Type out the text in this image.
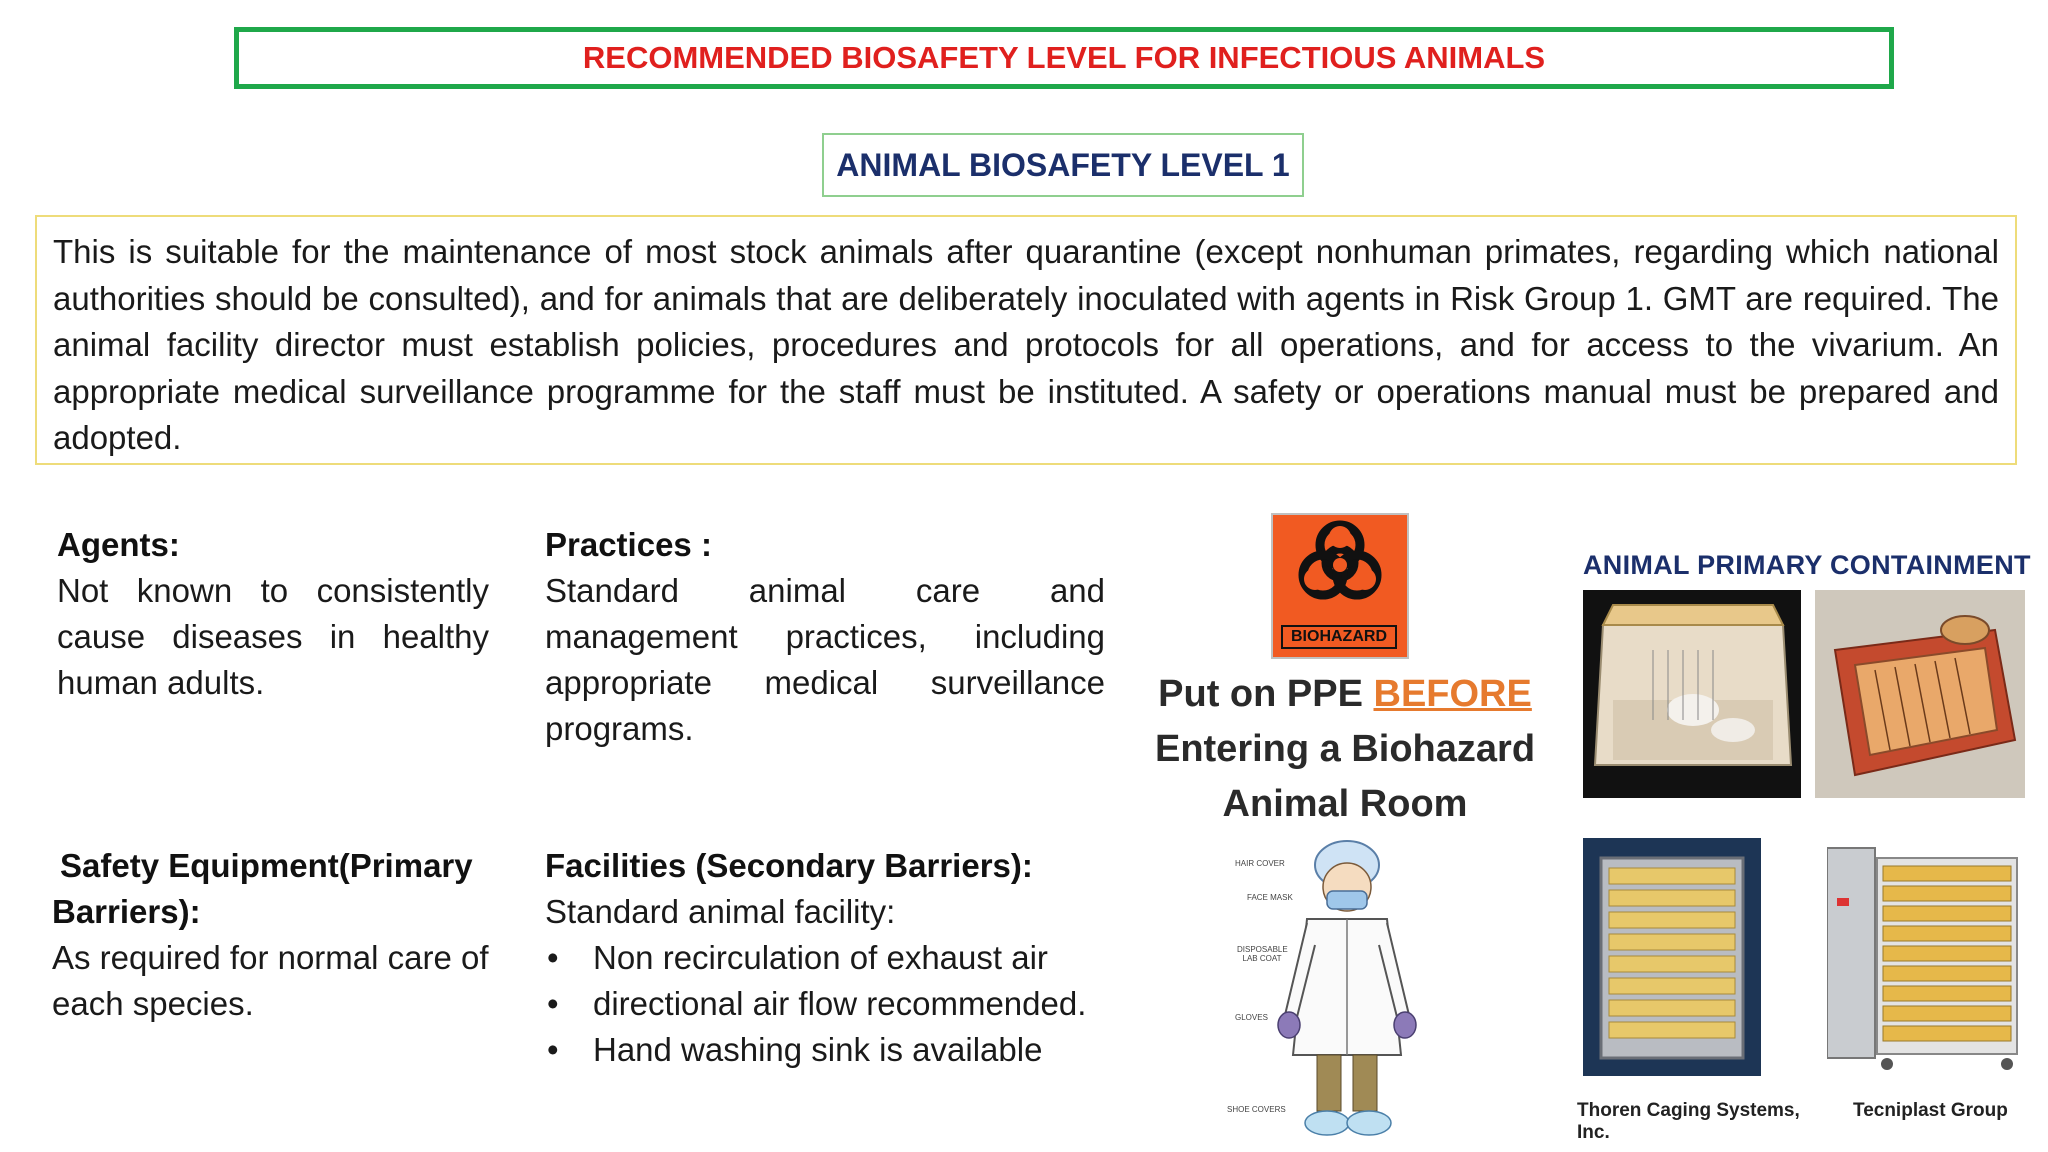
RECOMMENDED BIOSAFETY LEVEL FOR INFECTIOUS ANIMALS
ANIMAL BIOSAFETY LEVEL 1
This is suitable for the maintenance of most stock animals after quarantine (except nonhuman primates, regarding which national authorities should be consulted), and for animals that are deliberately inoculated with agents in Risk Group 1. GMT are required. The animal facility director must establish policies, procedures and protocols for all operations, and for access to the vivarium. An appropriate medical surveillance programme for the staff must be instituted. A safety or operations manual must be prepared and adopted.
Agents:

Not known to consistently cause diseases in healthy human adults.

Practices :

Standard animal care and management practices, including appropriate medical surveillance programs.

Safety Equipment(Primary Barriers):

As required for normal care of each species.

Facilities (Secondary Barriers):
Standard animal facility:
• Non recirculation of exhaust air
• directional air flow recommended.
• Hand washing sink is available
BIOHAZARD
Put on PPE BEFORE
Entering a Biohazard
Animal Room
HAIR COVER
FACE MASK
DISPOSABLE LAB COAT
GLOVES
SHOE COVERS
ANIMAL PRIMARY CONTAINMENT
Thoren Caging Systems, Inc.
Tecniplast Group
